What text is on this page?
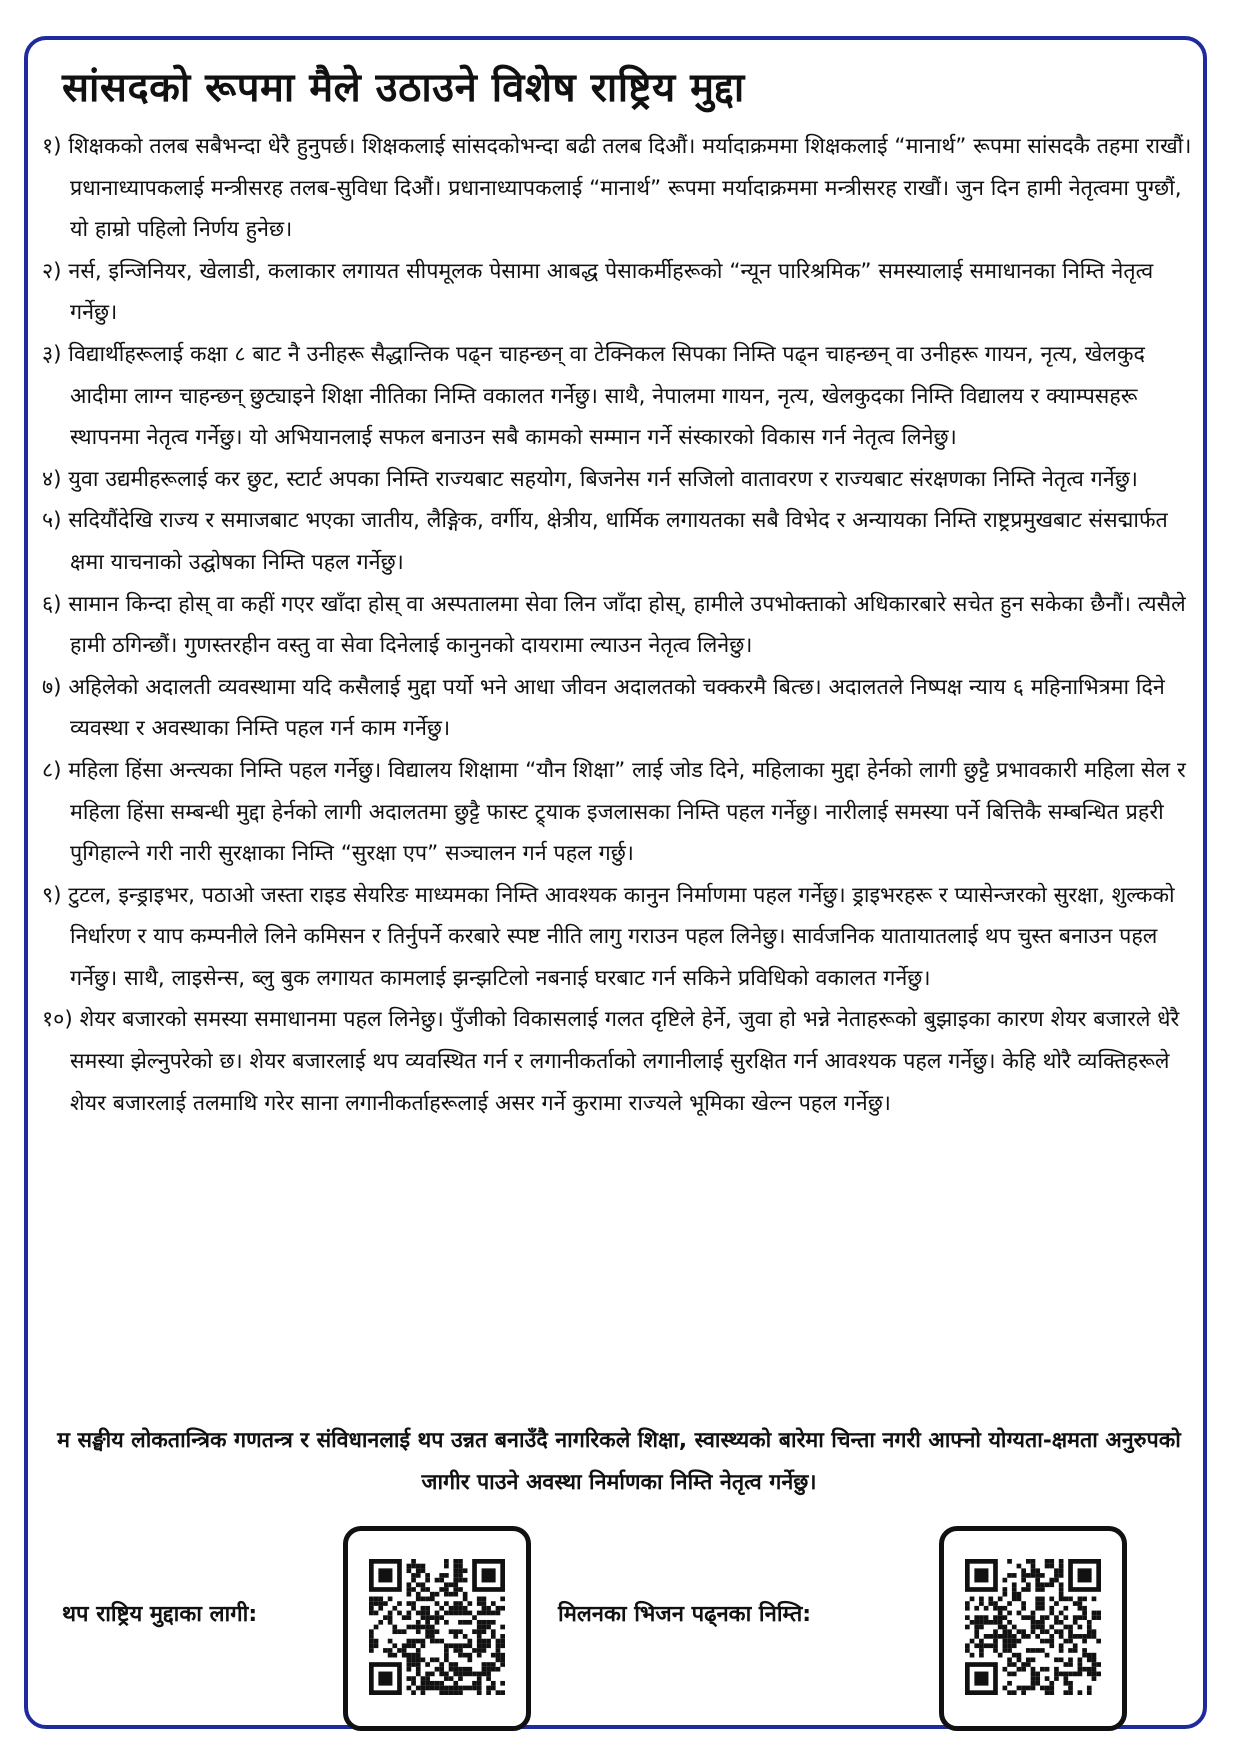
सांसदको रूपमा मैले उठाउने विशेष राष्ट्रिय मुद्दा

१) शिक्षकको तलब सबैभन्दा धेरै हुनुपर्छ। शिक्षकलाई सांसदकोभन्दा बढी तलब दिऔं। मर्यादाक्रममा शिक्षकलाई “मानार्थ” रूपमा सांसदकै तहमा राखौं। प्रधानाध्यापकलाई मन्त्रीसरह तलब-सुविधा दिऔं। प्रधानाध्यापकलाई “मानार्थ” रूपमा मर्यादाक्रममा मन्त्रीसरह राखौं। जुन दिन हामी नेतृत्वमा पुग्छौं, यो हाम्रो पहिलो निर्णय हुनेछ।

२) नर्स, इन्जिनियर, खेलाडी, कलाकार लगायत सीपमूलक पेसामा आबद्ध पेसाकर्मीहरूको “न्यून पारिश्रमिक” समस्यालाई समाधानका निम्ति नेतृत्व गर्नेछु।

३) विद्यार्थीहरूलाई कक्षा ८ बाट नै उनीहरू सैद्धान्तिक पढ्न चाहन्छन् वा टेक्निकल सिपका निम्ति पढ्न चाहन्छन् वा उनीहरू गायन, नृत्य, खेलकुद आदीमा लाग्न चाहन्छन् छुट्याइने शिक्षा नीतिका निम्ति वकालत गर्नेछु। साथै, नेपालमा गायन, नृत्य, खेलकुदका निम्ति विद्यालय र क्याम्पसहरू स्थापनमा नेतृत्व गर्नेछु। यो अभियानलाई सफल बनाउन सबै कामको सम्मान गर्ने संस्कारको विकास गर्न नेतृत्व लिनेछु।

४) युवा उद्यमीहरूलाई कर छुट, स्टार्ट अपका निम्ति राज्यबाट सहयोग, बिजनेस गर्न सजिलो वातावरण र राज्यबाट संरक्षणका निम्ति नेतृत्व गर्नेछु।

५) सदियौंदेखि राज्य र समाजबाट भएका जातीय, लैङ्गिक, वर्गीय, क्षेत्रीय, धार्मिक लगायतका सबै विभेद र अन्यायका निम्ति राष्ट्रप्रमुखबाट संसद्मार्फत क्षमा याचनाको उद्घोषका निम्ति पहल गर्नेछु।

६) सामान किन्दा होस् वा कहीं गएर खाँदा होस् वा अस्पतालमा सेवा लिन जाँदा होस्, हामीले उपभोक्ताको अधिकारबारे सचेत हुन सकेका छैनौं। त्यसैले हामी ठगिन्छौं। गुणस्तरहीन वस्तु वा सेवा दिनेलाई कानुनको दायरामा ल्याउन नेतृत्व लिनेछु।

७) अहिलेको अदालती व्यवस्थामा यदि कसैलाई मुद्दा पर्यो भने आधा जीवन अदालतको चक्करमै बित्छ। अदालतले निष्पक्ष न्याय ६ महिनाभित्रमा दिने व्यवस्था र अवस्थाका निम्ति पहल गर्न काम गर्नेछु।

८) महिला हिंसा अन्त्यका निम्ति पहल गर्नेछु। विद्यालय शिक्षामा “यौन शिक्षा” लाई जोड दिने, महिलाका मुद्दा हेर्नको लागी छुट्टै प्रभावकारी महिला सेल र महिला हिंसा सम्बन्धी मुद्दा हेर्नको लागी अदालतमा छुट्टै फास्ट ट्र्याक इजलासका निम्ति पहल गर्नेछु। नारीलाई समस्या पर्ने बित्तिकै सम्बन्धित प्रहरी पुगिहाल्ने गरी नारी सुरक्षाका निम्ति “सुरक्षा एप” सञ्चालन गर्न पहल गर्छु।

९) टुटल, इन्ड्राइभर, पठाओ जस्ता राइड सेयरिङ माध्यमका निम्ति आवश्यक कानुन निर्माणमा पहल गर्नेछु। ड्राइभरहरू र प्यासेन्जरको सुरक्षा, शुल्कको निर्धारण र याप कम्पनीले लिने कमिसन र तिर्नुपर्ने करबारे स्पष्ट नीति लागु गराउन पहल लिनेछु। सार्वजनिक यातायातलाई थप चुस्त बनाउन पहल गर्नेछु। साथै, लाइसेन्स, ब्लु बुक लगायत कामलाई झन्झटिलो नबनाई घरबाट गर्न सकिने प्रविधिको वकालत गर्नेछु।

१०) शेयर बजारको समस्या समाधानमा पहल लिनेछु। पुँजीको विकासलाई गलत दृष्टिले हेर्ने, जुवा हो भन्ने नेताहरूको बुझाइका कारण शेयर बजारले धेरै समस्या झेल्नुपरेको छ। शेयर बजारलाई थप व्यवस्थित गर्न र लगानीकर्ताको लगानीलाई सुरक्षित गर्न आवश्यक पहल गर्नेछु। केहि थोरै व्यक्तिहरूले शेयर बजारलाई तलमाथि गरेर साना लगानीकर्ताहरूलाई असर गर्ने कुरामा राज्यले भूमिका खेल्न पहल गर्नेछु।

म सङ्घीय लोकतान्त्रिक गणतन्त्र र संविधानलाई थप उन्नत बनाउँदै नागरिकले शिक्षा, स्वास्थ्यको बारेमा चिन्ता नगरी आफ्नो योग्यता-क्षमता अनुरुपको जागीर पाउने अवस्था निर्माणका निम्ति नेतृत्व गर्नेछु।
थप राष्ट्रिय मुद्दाका लागी:	मिलनका भिजन पढ्नका निम्ति:
